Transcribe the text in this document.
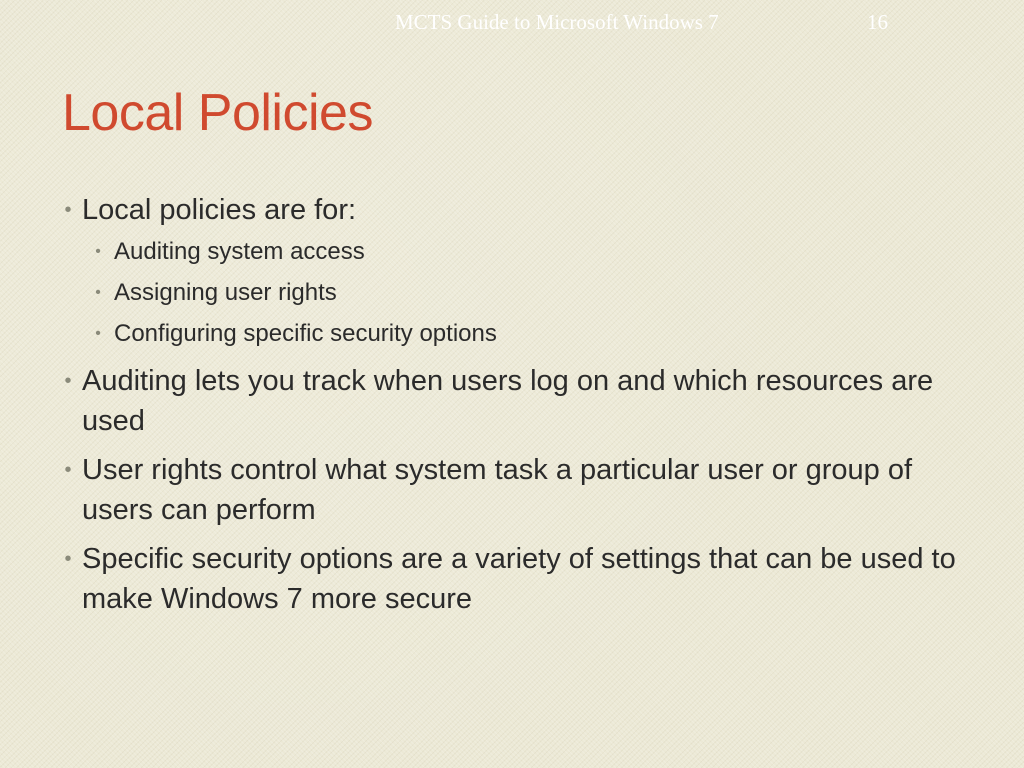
MCTS Guide to Microsoft Windows 7	16
Local Policies
• Local policies are for:
• Auditing system access
• Assigning user rights
• Configuring specific security options
• Auditing lets you track when users log on and which resources are used
• User rights control what system task a particular user or group of users can perform
• Specific security options are a variety of settings that can be used to make Windows 7 more secure
